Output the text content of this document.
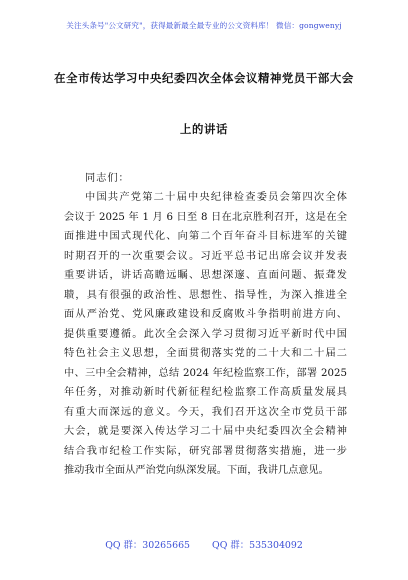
关注头条号"公文研究"，获得最新最全最专业的公文资料库！ 微信：gongwenyj
在全市传达学习中央纪委四次全体会议精神党员干部大会
上的讲话
同志们：
中国共产党第二十届中央纪律检查委员会第四次全体
会议于 2025 年 1 月 6 日至 8 日在北京胜利召开，这是在全
面推进中国式现代化、向第二个百年奋斗目标进军的关键
时期召开的一次重要会议。习近平总书记出席会议并发表
重要讲话，讲话高瞻远瞩、思想深邃、直面问题、振聋发
聩，具有很强的政治性、思想性、指导性，为深入推进全
面从严治党、党风廉政建设和反腐败斗争指明前进方向、
提供重要遵循。此次全会深入学习贯彻习近平新时代中国
特色社会主义思想，全面贯彻落实党的二十大和二十届二
中、三中全会精神，总结 2024 年纪检监察工作，部署 2025
年任务，对推动新时代新征程纪检监察工作高质量发展具
有重大而深远的意义。今天，我们召开这次全市党员干部
大会，就是要深入传达学习二十届中央纪委四次全会精神
结合我市纪检工作实际，研究部署贯彻落实措施，进一步
推动我市全面从严治党向纵深发展。下面，我讲几点意见。
QQ 群：30265665 QQ 群：535304092
